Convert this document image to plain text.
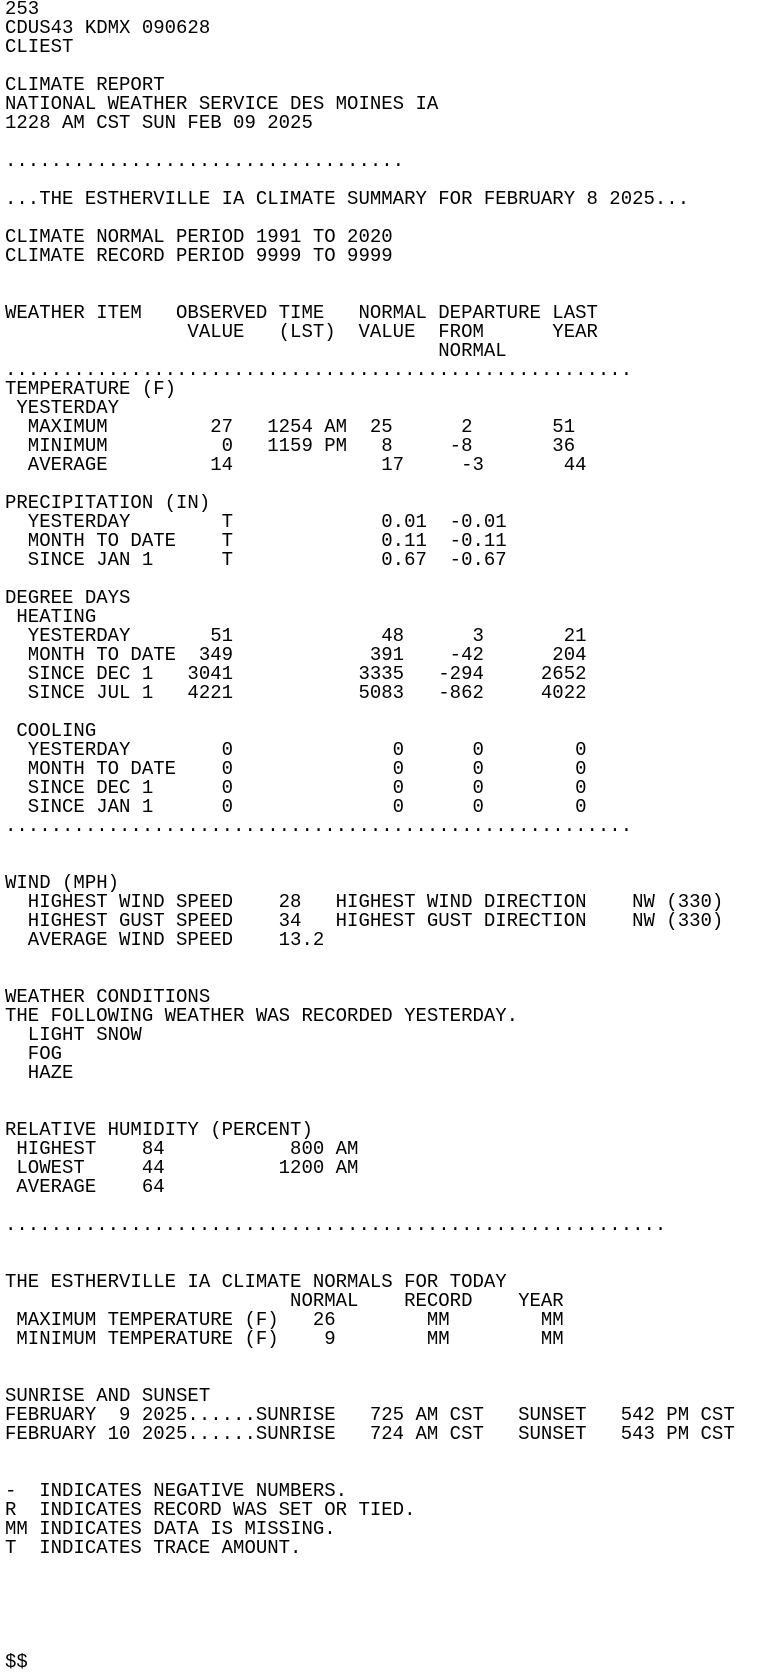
253
CDUS43 KDMX 090628
CLIEST
CLIMATE REPORT
NATIONAL WEATHER SERVICE DES MOINES IA
1228 AM CST SUN FEB 09 2025
...................................
...THE ESTHERVILLE IA CLIMATE SUMMARY FOR FEBRUARY 8 2025...
CLIMATE NORMAL PERIOD 1991 TO 2020
CLIMATE RECORD PERIOD 9999 TO 9999
WEATHER ITEM   OBSERVED TIME   NORMAL DEPARTURE LAST
VALUE   (LST)  VALUE  FROM      YEAR
NORMAL
.......................................................
TEMPERATURE (F)
YESTERDAY
MAXIMUM         27   1254 AM  25      2       51
MINIMUM          0   1159 PM   8     -8       36
AVERAGE         14             17     -3       44
PRECIPITATION (IN)
YESTERDAY        T             0.01  -0.01
MONTH TO DATE    T             0.11  -0.11
SINCE JAN 1      T             0.67  -0.67
DEGREE DAYS
HEATING
YESTERDAY       51             48      3       21
MONTH TO DATE  349            391    -42      204
SINCE DEC 1   3041           3335   -294     2652
SINCE JUL 1   4221           5083   -862     4022
COOLING
YESTERDAY        0              0      0        0
MONTH TO DATE    0              0      0        0
SINCE DEC 1      0              0      0        0
SINCE JAN 1      0              0      0        0
.......................................................
WIND (MPH)
HIGHEST WIND SPEED    28   HIGHEST WIND DIRECTION    NW (330)
HIGHEST GUST SPEED    34   HIGHEST GUST DIRECTION    NW (330)
AVERAGE WIND SPEED    13.2
WEATHER CONDITIONS
THE FOLLOWING WEATHER WAS RECORDED YESTERDAY.
LIGHT SNOW
FOG
HAZE
RELATIVE HUMIDITY (PERCENT)
HIGHEST    84           800 AM
LOWEST     44          1200 AM
AVERAGE    64
..........................................................
THE ESTHERVILLE IA CLIMATE NORMALS FOR TODAY
NORMAL    RECORD    YEAR
MAXIMUM TEMPERATURE (F)   26        MM        MM
MINIMUM TEMPERATURE (F)    9        MM        MM
SUNRISE AND SUNSET
FEBRUARY  9 2025......SUNRISE   725 AM CST   SUNSET   542 PM CST
FEBRUARY 10 2025......SUNRISE   724 AM CST   SUNSET   543 PM CST
-  INDICATES NEGATIVE NUMBERS.
R  INDICATES RECORD WAS SET OR TIED.
MM INDICATES DATA IS MISSING.
T  INDICATES TRACE AMOUNT.
$$
